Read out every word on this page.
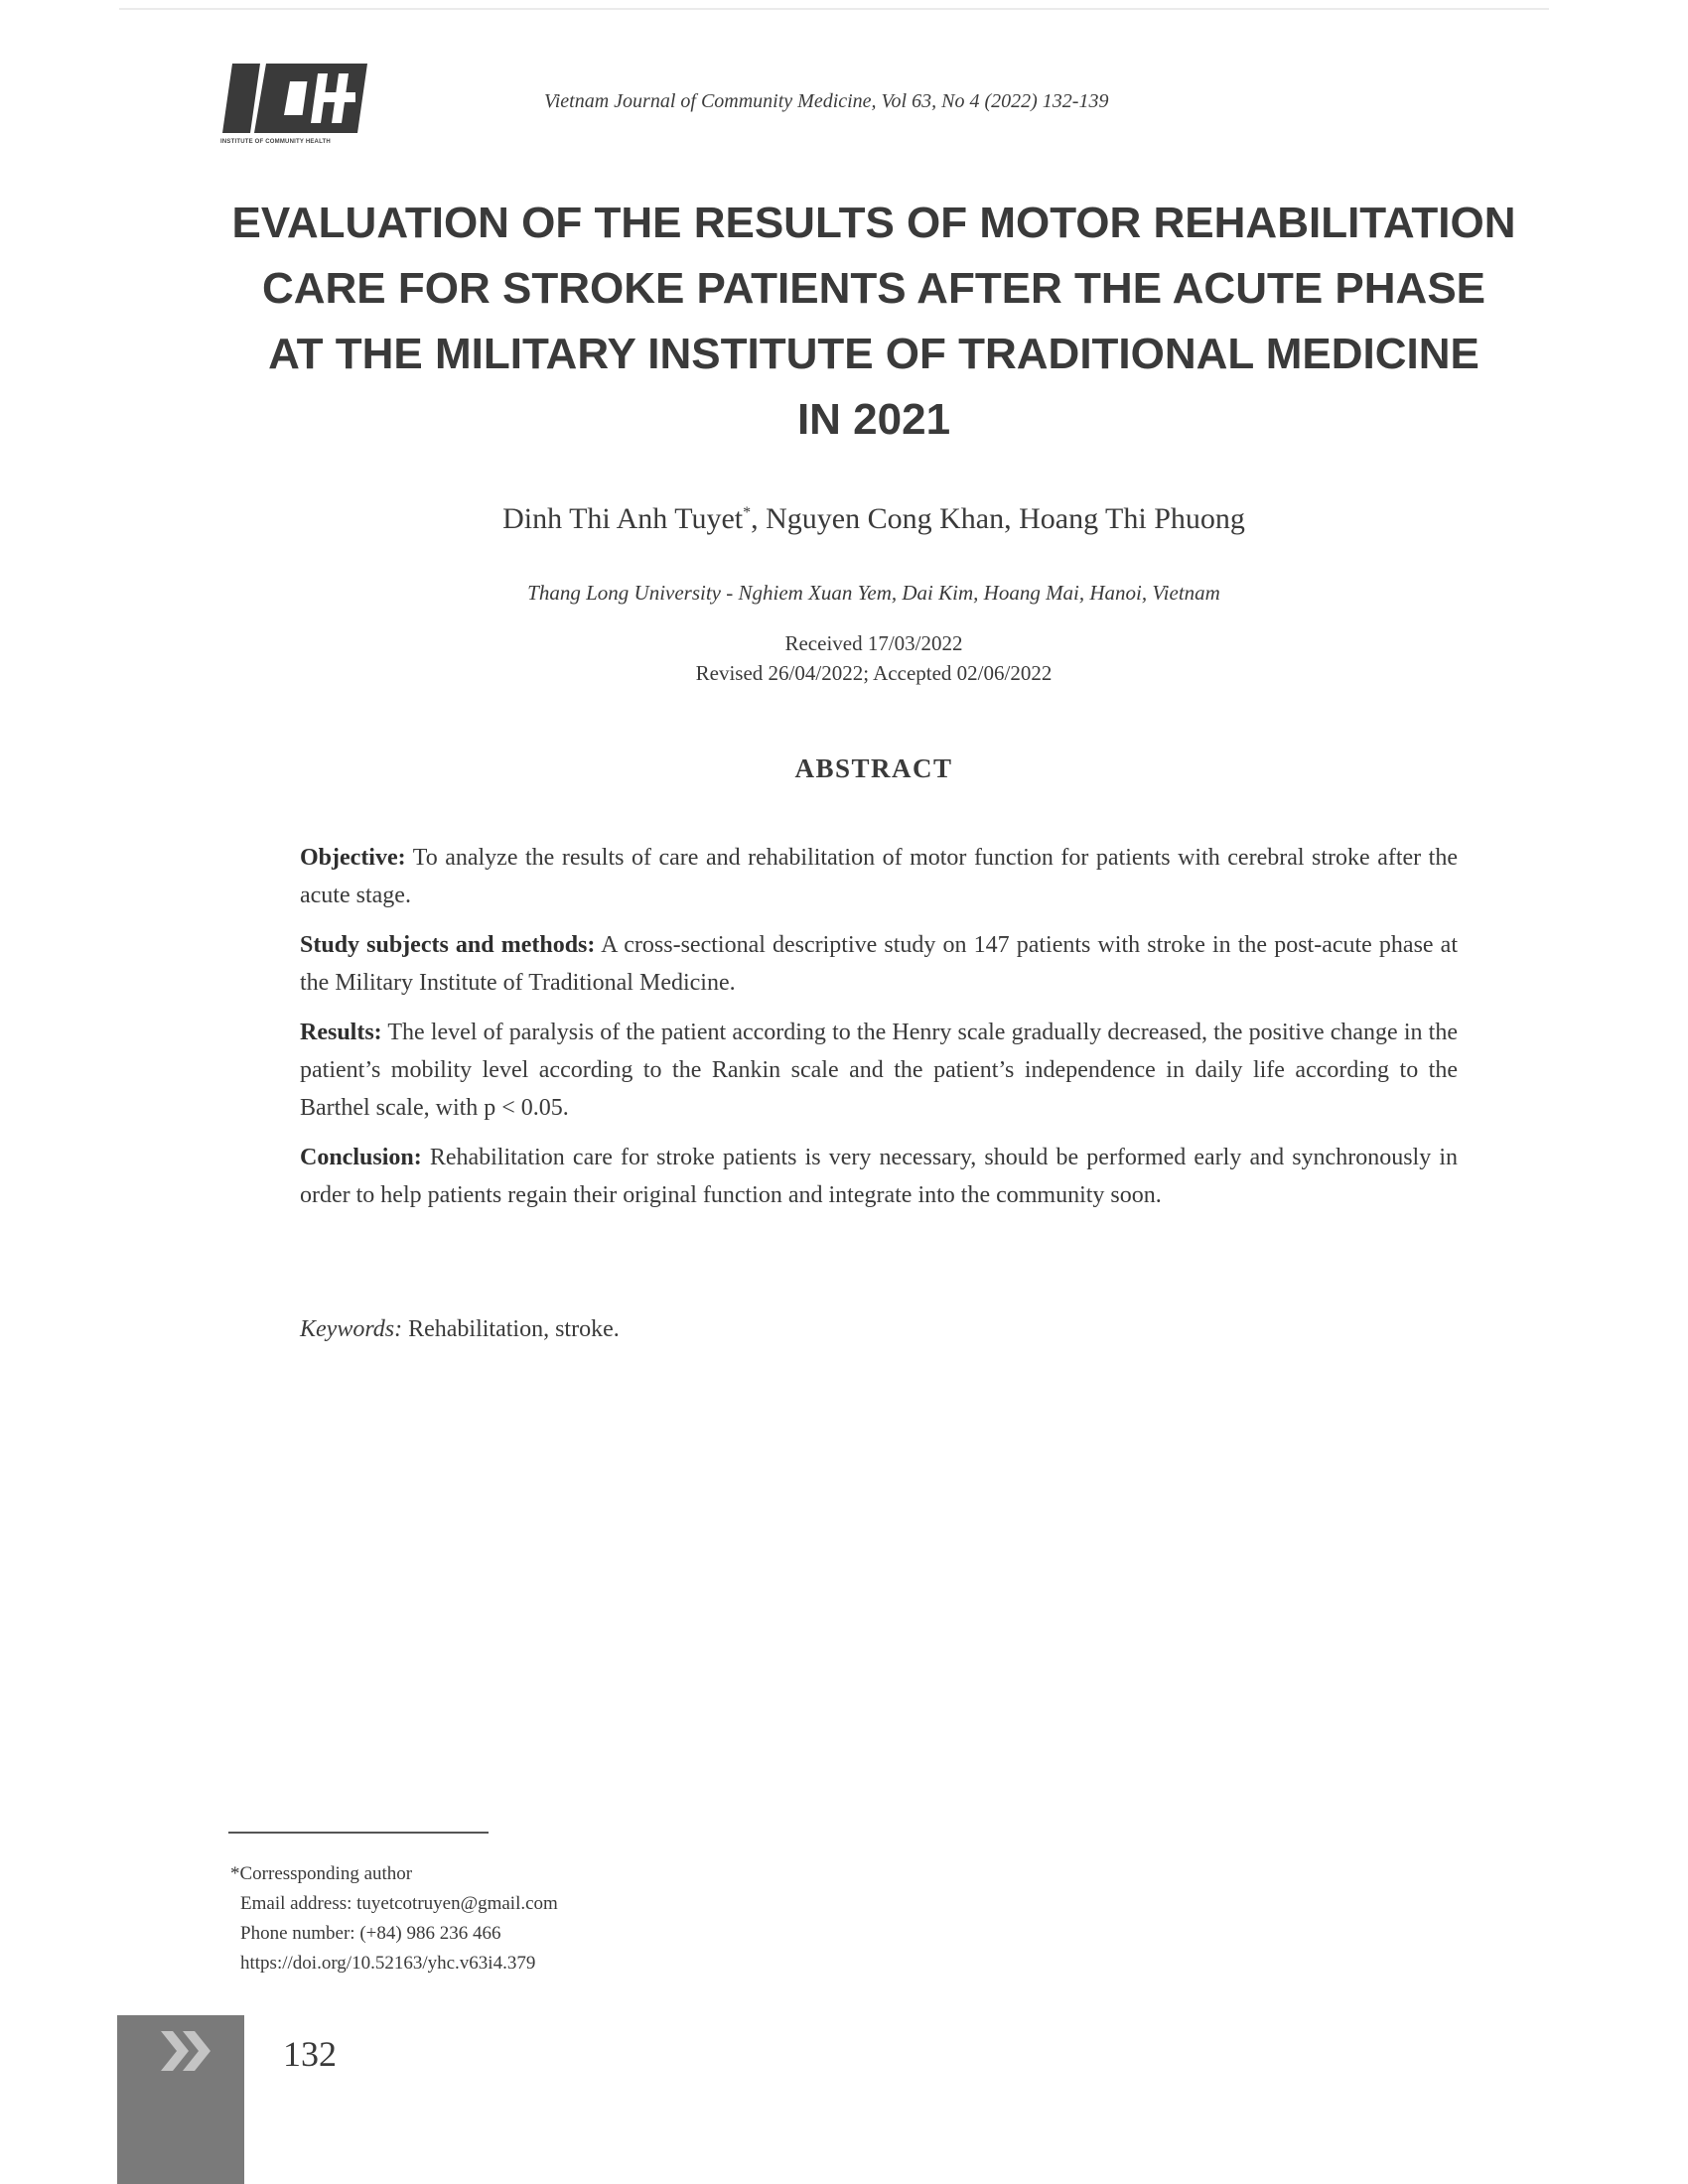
INSTITUTE OF COMMUNITY HEALTH
Vietnam Journal of Community Medicine, Vol 63, No 4 (2022) 132-139
EVALUATION OF THE RESULTS OF MOTOR REHABILITATION
CARE FOR STROKE PATIENTS AFTER THE ACUTE PHASE
AT THE MILITARY INSTITUTE OF TRADITIONAL MEDICINE
IN 2021
Dinh Thi Anh Tuyet*, Nguyen Cong Khan, Hoang Thi Phuong
Thang Long University - Nghiem Xuan Yem, Dai Kim, Hoang Mai, Hanoi, Vietnam
Received 17/03/2022
Revised 26/04/2022; Accepted 02/06/2022
ABSTRACT

Objective: To analyze the results of care and rehabilitation of motor function for patients with cerebral stroke after the acute stage.

Study subjects and methods: A cross-sectional descriptive study on 147 patients with stroke in the post-acute phase at the Military Institute of Traditional Medicine.

Results: The level of paralysis of the patient according to the Henry scale gradually decreased, the positive change in the patient’s mobility level according to the Rankin scale and the patient’s independence in daily life according to the Barthel scale, with p < 0.05.

Conclusion: Rehabilitation care for stroke patients is very necessary, should be performed early and synchronously in order to help patients regain their original function and integrate into the community soon.

Keywords: Rehabilitation, stroke.
*Corressponding author
Email address: tuyetcotruyen@gmail.com
Phone number: (+84) 986 236 466
https://doi.org/10.52163/yhc.v63i4.379
132
